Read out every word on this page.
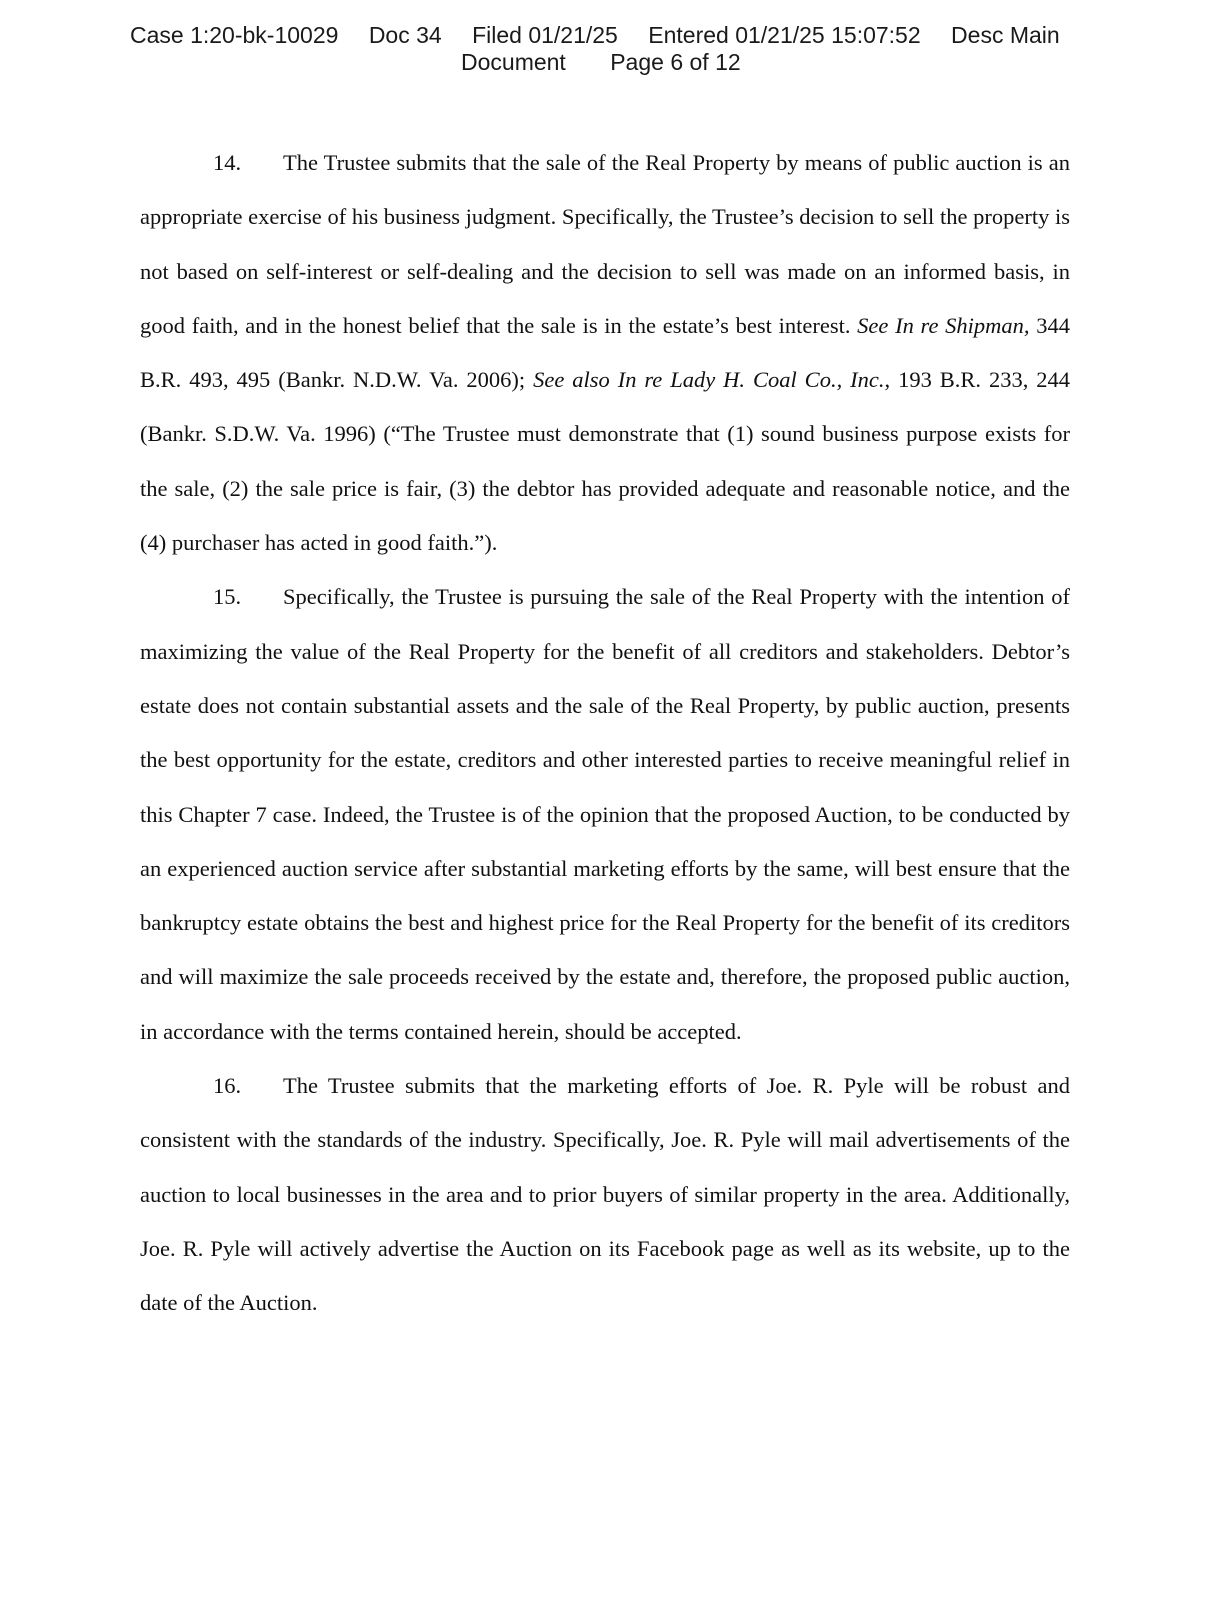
Case 1:20-bk-10029 Doc 34 Filed 01/21/25 Entered 01/21/25 15:07:52 Desc Main
Document Page 6 of 12

14. The Trustee submits that the sale of the Real Property by means of public auction is an appropriate exercise of his business judgment. Specifically, the Trustee’s decision to sell the property is not based on self-interest or self-dealing and the decision to sell was made on an informed basis, in good faith, and in the honest belief that the sale is in the estate’s best interest. See In re Shipman, 344 B.R. 493, 495 (Bankr. N.D.W. Va. 2006); See also In re Lady H. Coal Co., Inc., 193 B.R. 233, 244 (Bankr. S.D.W. Va. 1996) (“The Trustee must demonstrate that (1) sound business purpose exists for the sale, (2) the sale price is fair, (3) the debtor has provided adequate and reasonable notice, and the (4) purchaser has acted in good faith.”).

15. Specifically, the Trustee is pursuing the sale of the Real Property with the intention of maximizing the value of the Real Property for the benefit of all creditors and stakeholders. Debtor’s estate does not contain substantial assets and the sale of the Real Property, by public auction, presents the best opportunity for the estate, creditors and other interested parties to receive meaningful relief in this Chapter 7 case. Indeed, the Trustee is of the opinion that the proposed Auction, to be conducted by an experienced auction service after substantial marketing efforts by the same, will best ensure that the bankruptcy estate obtains the best and highest price for the Real Property for the benefit of its creditors and will maximize the sale proceeds received by the estate and, therefore, the proposed public auction, in accordance with the terms contained herein, should be accepted.

16. The Trustee submits that the marketing efforts of Joe. R. Pyle will be robust and consistent with the standards of the industry. Specifically, Joe. R. Pyle will mail advertisements of the auction to local businesses in the area and to prior buyers of similar property in the area. Additionally, Joe. R. Pyle will actively advertise the Auction on its Facebook page as well as its website, up to the date of the Auction.
